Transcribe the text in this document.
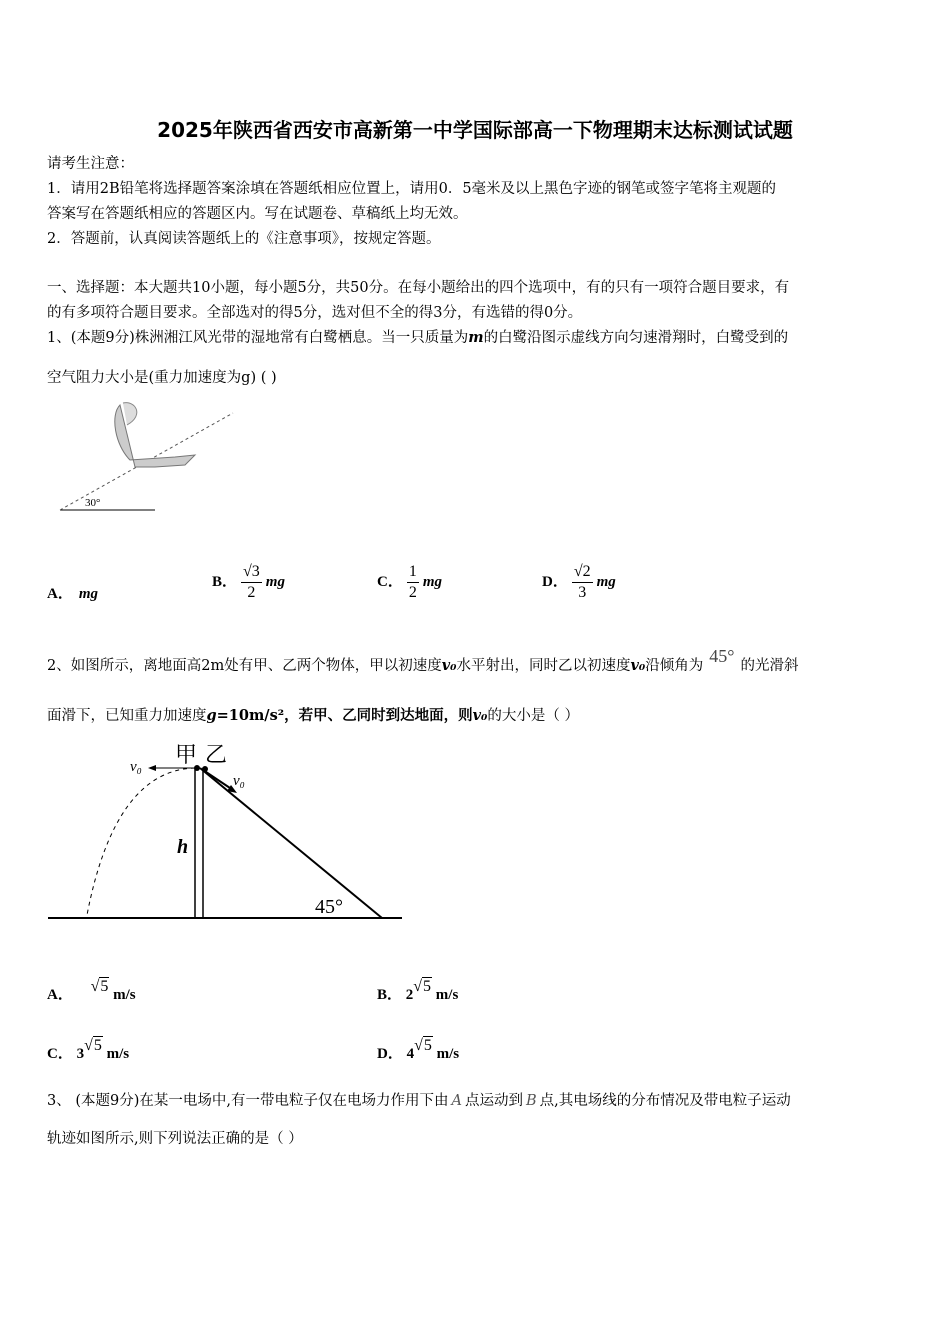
2025年陕西省西安市高新第一中学国际部高一下物理期末达标测试试题
请考生注意：
1．请用2B铅笔将选择题答案涂填在答题纸相应位置上，请用0．5毫米及以上黑色字迹的钢笔或签字笔将主观题的
答案写在答题纸相应的答题区内。写在试题卷、草稿纸上均无效。
2．答题前，认真阅读答题纸上的《注意事项》，按规定答题。
一、选择题：本大题共10小题，每小题5分，共50分。在每小题给出的四个选项中，有的只有一项符合题目要求，有
的有多项符合题目要求。全部选对的得5分，选对但不全的得3分，有选错的得0分。
1、(本题9分)株洲湘江风光带的湿地常有白鹭栖息。当一只质量为m的白鹭沿图示虚线方向匀速滑翔时，白鹭受到的
空气阻力大小是(重力加速度为g) ( )
30°
A． mg
B． $\frac{√3}{2}$ mg	C． $\frac{1}{2}$ mg	D． $\frac{√2}{3}$ mg
2、如图所示，离地面高2m处有甲、乙两个物体，甲以初速度v₀水平射出，同时乙以初速度v₀沿倾角为 45° 的光滑斜
面滑下，已知重力加速度g=10m/s²，若甲、乙同时到达地面，则v₀的大小是（ ）
甲 乙
v₀
v₀
h
45°
A． √5 m/s	B． 2√5 m/s
C． 3√5 m/s	D． 4√5 m/s
3、 (本题9分)在某一电场中,有一带电粒子仅在电场力作用下由 A 点运动到 B 点,其电场线的分布情况及带电粒子运动
轨迹如图所示,则下列说法正确的是（ ）
